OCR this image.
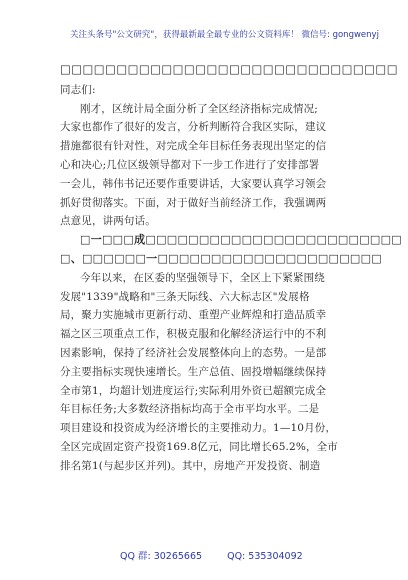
关注头条号"公文研究"，获得最新最全最专业的公文资料库！ 微信号: gongwenyj
□□□□□□□□□□□□□□□□□□□□□□□□□□□□□□
同志们:
刚才，区统计局全面分析了全区经济指标完成情况;
大家也都作了很好的发言，分析判断符合我区实际，建议
措施都很有针对性，对完成全年目标任务表现出坚定的信
心和决心;几位区级领导都对下一步工作进行了安排部署
一会儿，韩伟书记还要作重要讲话，大家要认真学习领会
抓好贯彻落实。下面，对于做好当前经济工作，我强调两
点意见，讲两句话。
□一□□□成□□□□□□□□□□□□□□□□□□□□□□□□
□、□□□□□□一□□□□□□□□□□□□□□□□□□□□□
今年以来，在区委的坚强领导下，全区上下紧紧围绕
发展"1339"战略和"三条天际线、六大标志区"发展格
局，聚力实施城市更新行动、重塑产业辉煌和打造品质幸
福之区三项重点工作，积极克服和化解经济运行中的不利
因素影响，保持了经济社会发展整体向上的态势。一是部
分主要指标实现快速增长。生产总值、固投增幅继续保持
全市第1，均超计划进度运行;实际利用外资已超额完成全
年目标任务;大多数经济指标均高于全市平均水平。二是
项目建设和投资成为经济增长的主要推动力。1—10月份，
全区完成固定资产投资169.8亿元，同比增长65.2%，全市
排名第1(与起步区并列)。其中，房地产开发投资、制造
QQ 群: 30265665	QQ: 535304092
